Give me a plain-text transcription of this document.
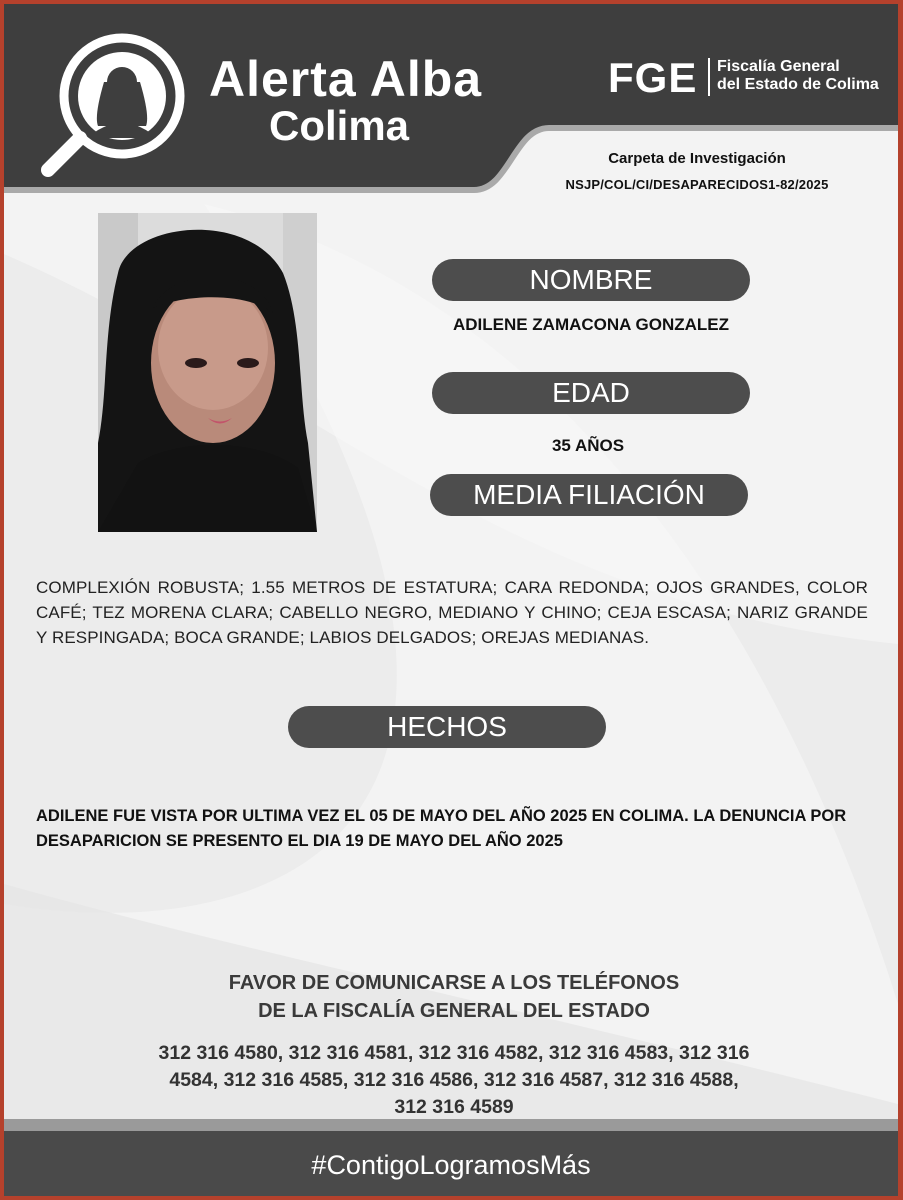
Alerta Alba
Colima
FGE Fiscalía General
del Estado de Colima
Carpeta de Investigación
NSJP/COL/CI/DESAPARECIDOS1-82/2025
NOMBRE
ADILENE ZAMACONA GONZALEZ
EDAD
35 AÑOS
MEDIA FILIACIÓN
COMPLEXIÓN ROBUSTA; 1.55 METROS DE ESTATURA; CARA REDONDA; OJOS GRANDES, COLOR CAFÉ; TEZ MORENA CLARA; CABELLO NEGRO, MEDIANO Y CHINO; CEJA ESCASA; NARIZ GRANDE Y RESPINGADA; BOCA GRANDE; LABIOS DELGADOS; OREJAS MEDIANAS.
HECHOS
ADILENE FUE VISTA POR ULTIMA VEZ EL 05 DE MAYO DEL AÑO 2025 EN COLIMA. LA DENUNCIA POR DESAPARICION SE PRESENTO EL DIA 19 DE MAYO DEL AÑO 2025
FAVOR DE COMUNICARSE A LOS TELÉFONOS
DE LA FISCALÍA GENERAL DEL ESTADO
312 316 4580, 312 316 4581, 312 316 4582, 312 316 4583, 312 316
4584, 312 316 4585, 312 316 4586, 312 316 4587, 312 316 4588,
312 316 4589
#ContigoLogramosMás
